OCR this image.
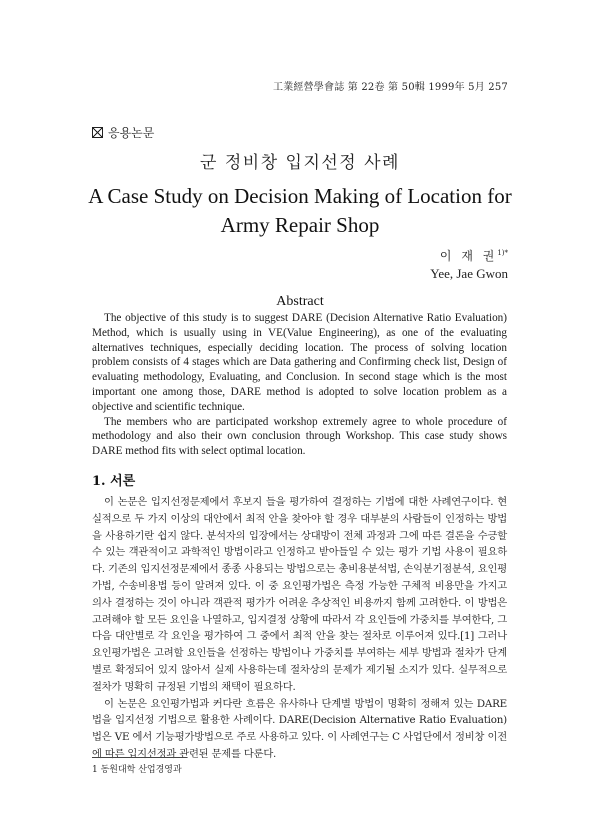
工業經營學會誌 第 22卷 第 50輯 1999年 5月 257
응용논문
군 정비창 입지선정 사례
A Case Study on Decision Making of Location for
Army Repair Shop
이 재 권$^{1)*}$
Yee, Jae Gwon
Abstract

The objective of this study is to suggest DARE (Decision Alternative Ratio Evaluation) Method, which is usually using in VE(Value Engineering), as one of the evaluating alternatives techniques, especially deciding location. The process of solving location problem consists of 4 stages which are Data gathering and Confirming check list, Design of evaluating methodology, Evaluating, and Conclusion. In second stage which is the most important one among those, DARE method is adopted to solve location problem as a objective and scientific technique.

The members who are participated workshop extremely agree to whole procedure of methodology and also their own conclusion through Workshop. This case study shows DARE method fits with select optimal location.

1. 서론

이 논문은 입지선정문제에서 후보지 들을 평가하여 결정하는 기법에 대한 사례연구이다. 현실적으로 두 가지 이상의 대안에서 최적 안을 찾아야 할 경우 대부분의 사람들이 인정하는 방법을 사용하기란 쉽지 않다. 분석자의 입장에서는 상대방이 전체 과정과 그에 따른 결론을 수긍할 수 있는 객관적이고 과학적인 방법이라고 인정하고 받아들일 수 있는 평가 기법 사용이 필요하다. 기존의 입지선정문제에서 종종 사용되는 방법으로는 총비용분석법, 손익분기점분석, 요인평가법, 수송비용법 등이 알려져 있다. 이 중 요인평가법은 측정 가능한 구체적 비용만을 가지고 의사 결정하는 것이 아니라 객관적 평가가 어려운 추상적인 비용까지 함께 고려한다. 이 방법은 고려해야 할 모든 요인을 나열하고, 입지결정 상황에 따라서 각 요인들에 가중치를 부여한다, 그 다음 대안별로 각 요인을 평가하여 그 중에서 최적 안을 찾는 절차로 이루어져 있다.[1] 그러나 요인평가법은 고려할 요인들을 선정하는 방법이나 가중치를 부여하는 세부 방법과 절차가 단계별로 확정되어 있지 않아서 실제 사용하는데 절차상의 문제가 제기될 소지가 있다. 실무적으로 절차가 명확히 규정된 기법의 채택이 필요하다.

이 논문은 요인평가법과 커다란 흐름은 유사하나 단계별 방법이 명확히 정해져 있는 DARE 법을 입지선정 기법으로 활용한 사례이다. DARE(Decision Alternative Ratio Evaluation) 법은 VE 에서 기능평가방법으로 주로 사용하고 있다. 이 사례연구는 C 사업단에서 정비창 이전에 따른 입지선정과 관련된 문제를 다룬다.

1 동원대학 산업경영과
